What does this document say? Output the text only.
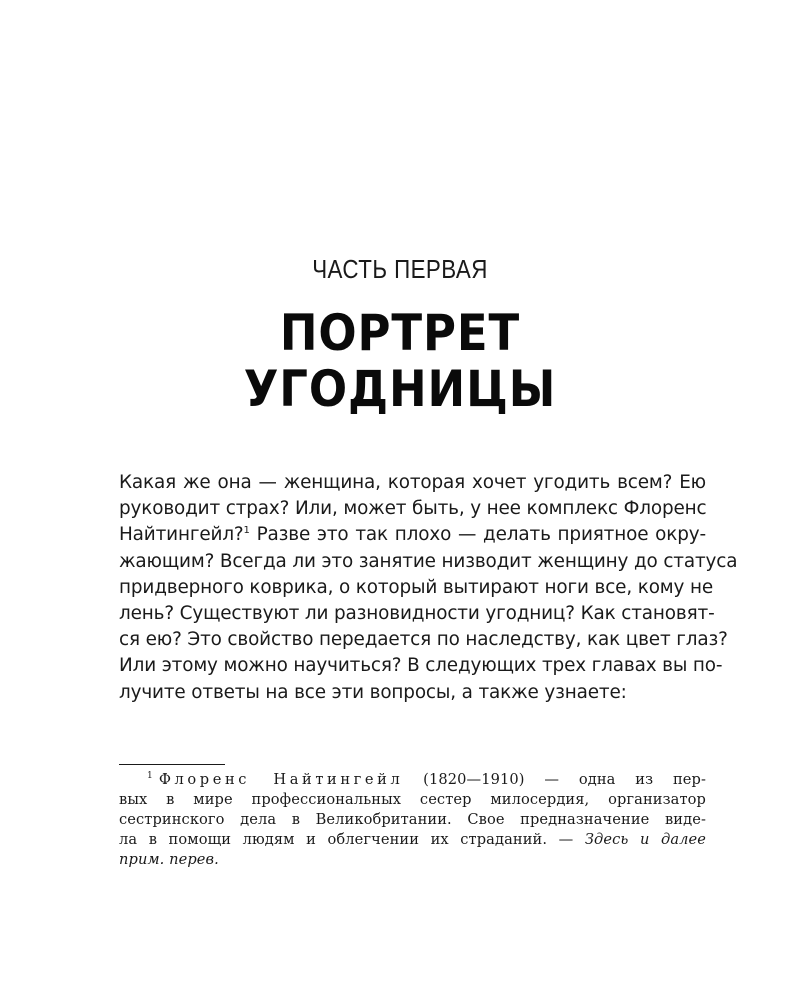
ЧАСТЬ ПЕРВАЯ
ПОРТРЕТ
УГОДНИЦЫ
Какая же она — женщина, которая хочет угодить всем? Ею
руководит страх? Или, может быть, у нее комплекс Флоренс
Найтингейл?$^1$ Разве это так плохо — делать приятное окру-
жающим? Всегда ли это занятие низводит женщину до статуса
придверного коврика, о который вытирают ноги все, кому не
лень? Существуют ли разновидности угодниц? Как становят-
ся ею? Это свойство передается по наследству, как цвет глаз?
Или этому можно научиться? В следующих трех главах вы по-
лучите ответы на все эти вопросы, а также узнаете:
$^1$ Флоренс Найтингейл (1820—1910) — одна из пер-
вых в мире профессиональных сестер милосердия, организатор
сестринского дела в Великобритании. Свое предназначение виде-
ла в помощи людям и облегчении их страданий. — Здесь и далее
прим. перев.
